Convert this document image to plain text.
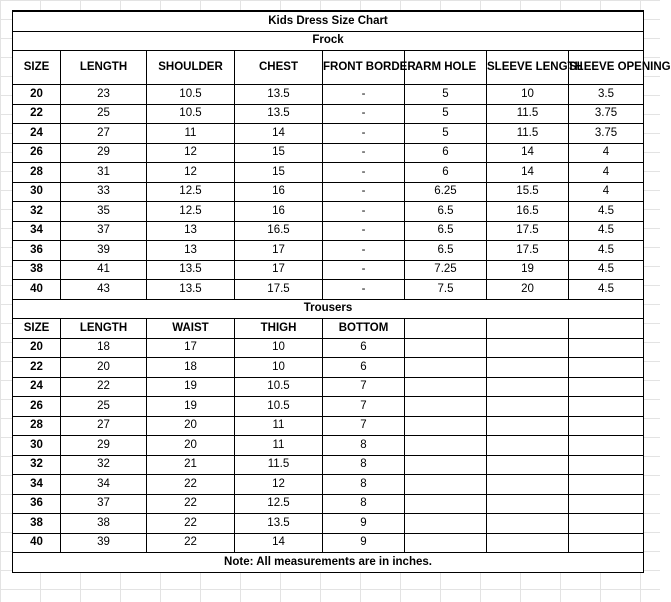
Kids Dress Size Chart							
Frock							
SIZE	LENGTH	SHOULDER	CHEST	FRONT BORDER	ARM HOLE	SLEEVE LENGTH	SLEEVE OPENING
20	23	10.5	13.5	-	5	10	3.5
22	25	10.5	13.5	-	5	11.5	3.75
24	27	11	14	-	5	11.5	3.75
26	29	12	15	-	6	14	4
28	31	12	15	-	6	14	4
30	33	12.5	16	-	6.25	15.5	4
32	35	12.5	16	-	6.5	16.5	4.5
34	37	13	16.5	-	6.5	17.5	4.5
36	39	13	17	-	6.5	17.5	4.5
38	41	13.5	17	-	7.25	19	4.5
40	43	13.5	17.5	-	7.5	20	4.5
Trousers							
SIZE	LENGTH	WAIST	THIGH	BOTTOM			
20	18	17	10	6			
22	20	18	10	6			
24	22	19	10.5	7			
26	25	19	10.5	7			
28	27	20	11	7			
30	29	20	11	8			
32	32	21	11.5	8			
34	34	22	12	8			
36	37	22	12.5	8			
38	38	22	13.5	9			
40	39	22	14	9			
Note: All measurements are in inches.							
